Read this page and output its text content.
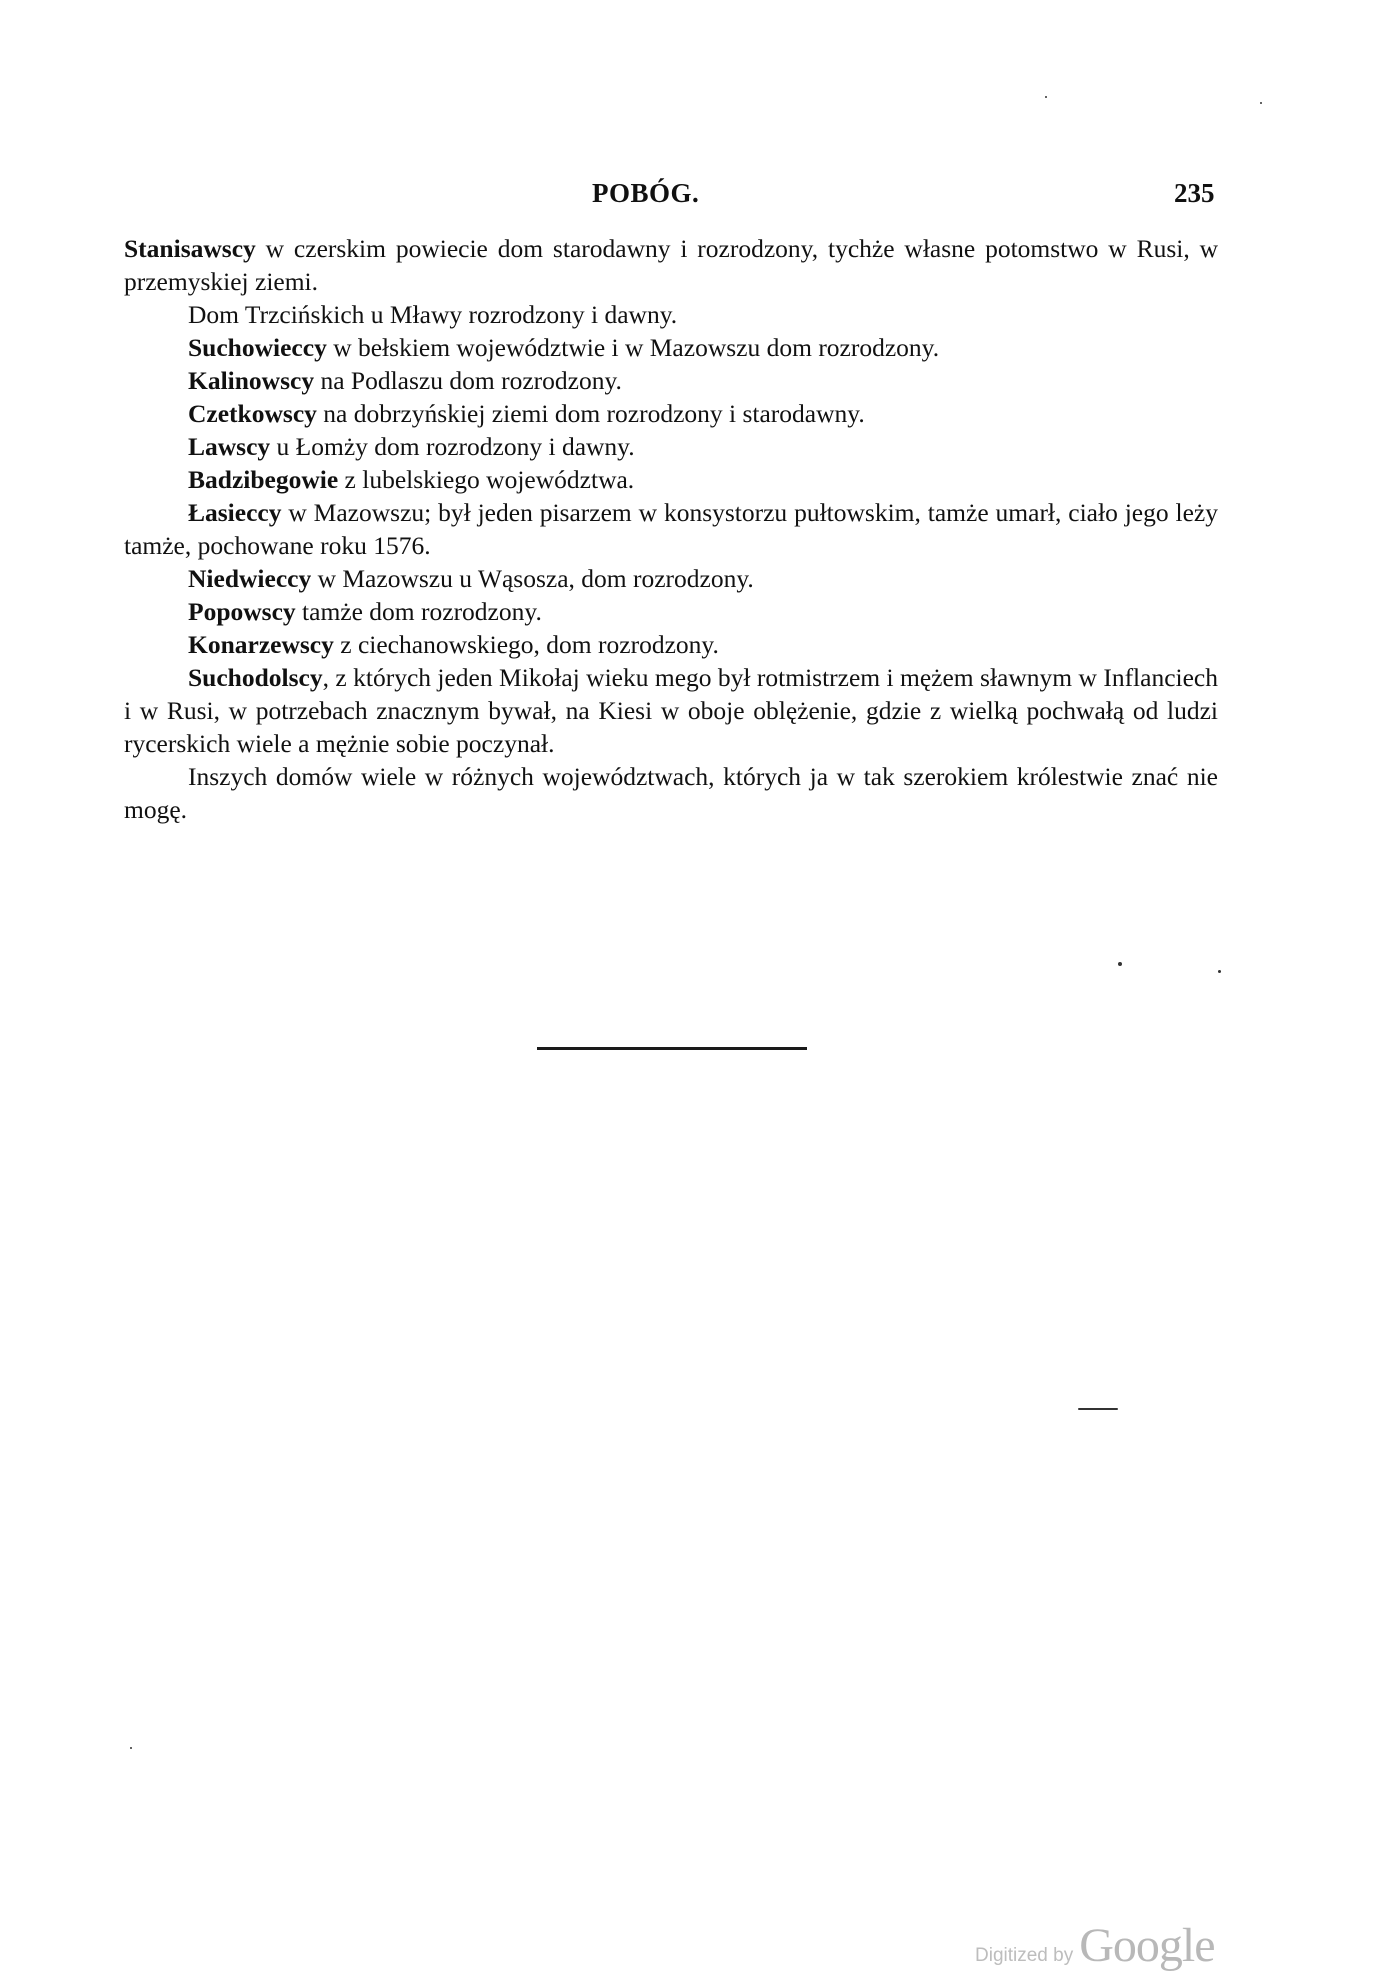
POBÓG.	235

Stanisawscy w czerskim powiecie dom starodawny i rozrodzony, tychże własne potomstwo w Rusi, w przemyskiej ziemi.

Dom Trzcińskich u Mławy rozrodzony i dawny.

Suchowieccy w bełskiem województwie i w Mazowszu dom rozrodzony.

Kalinowscy na Podlaszu dom rozrodzony.

Czetkowscy na dobrzyńskiej ziemi dom rozrodzony i starodawny.

Lawscy u Łomży dom rozrodzony i dawny.

Badzibegowie z lubelskiego województwa.

Łasieccy w Mazowszu; był jeden pisarzem w konsystorzu pułtowskim, tamże umarł, ciało jego leży tamże, pochowane roku 1576.

Niedwieccy w Mazowszu u Wąsosza, dom rozrodzony.

Popowscy tamże dom rozrodzony.

Konarzewscy z ciechanowskiego, dom rozrodzony.

Suchodolscy, z których jeden Mikołaj wieku mego był rotmistrzem i mężem sławnym w Inflanciech i w Rusi, w potrzebach znacznym bywał, na Kiesi w oboje oblężenie, gdzie z wielką pochwałą od ludzi rycerskich wiele a mężnie sobie poczynał.

Inszych domów wiele w różnych województwach, których ja w tak szerokiem królestwie znać nie mogę.

Digitized by Google
